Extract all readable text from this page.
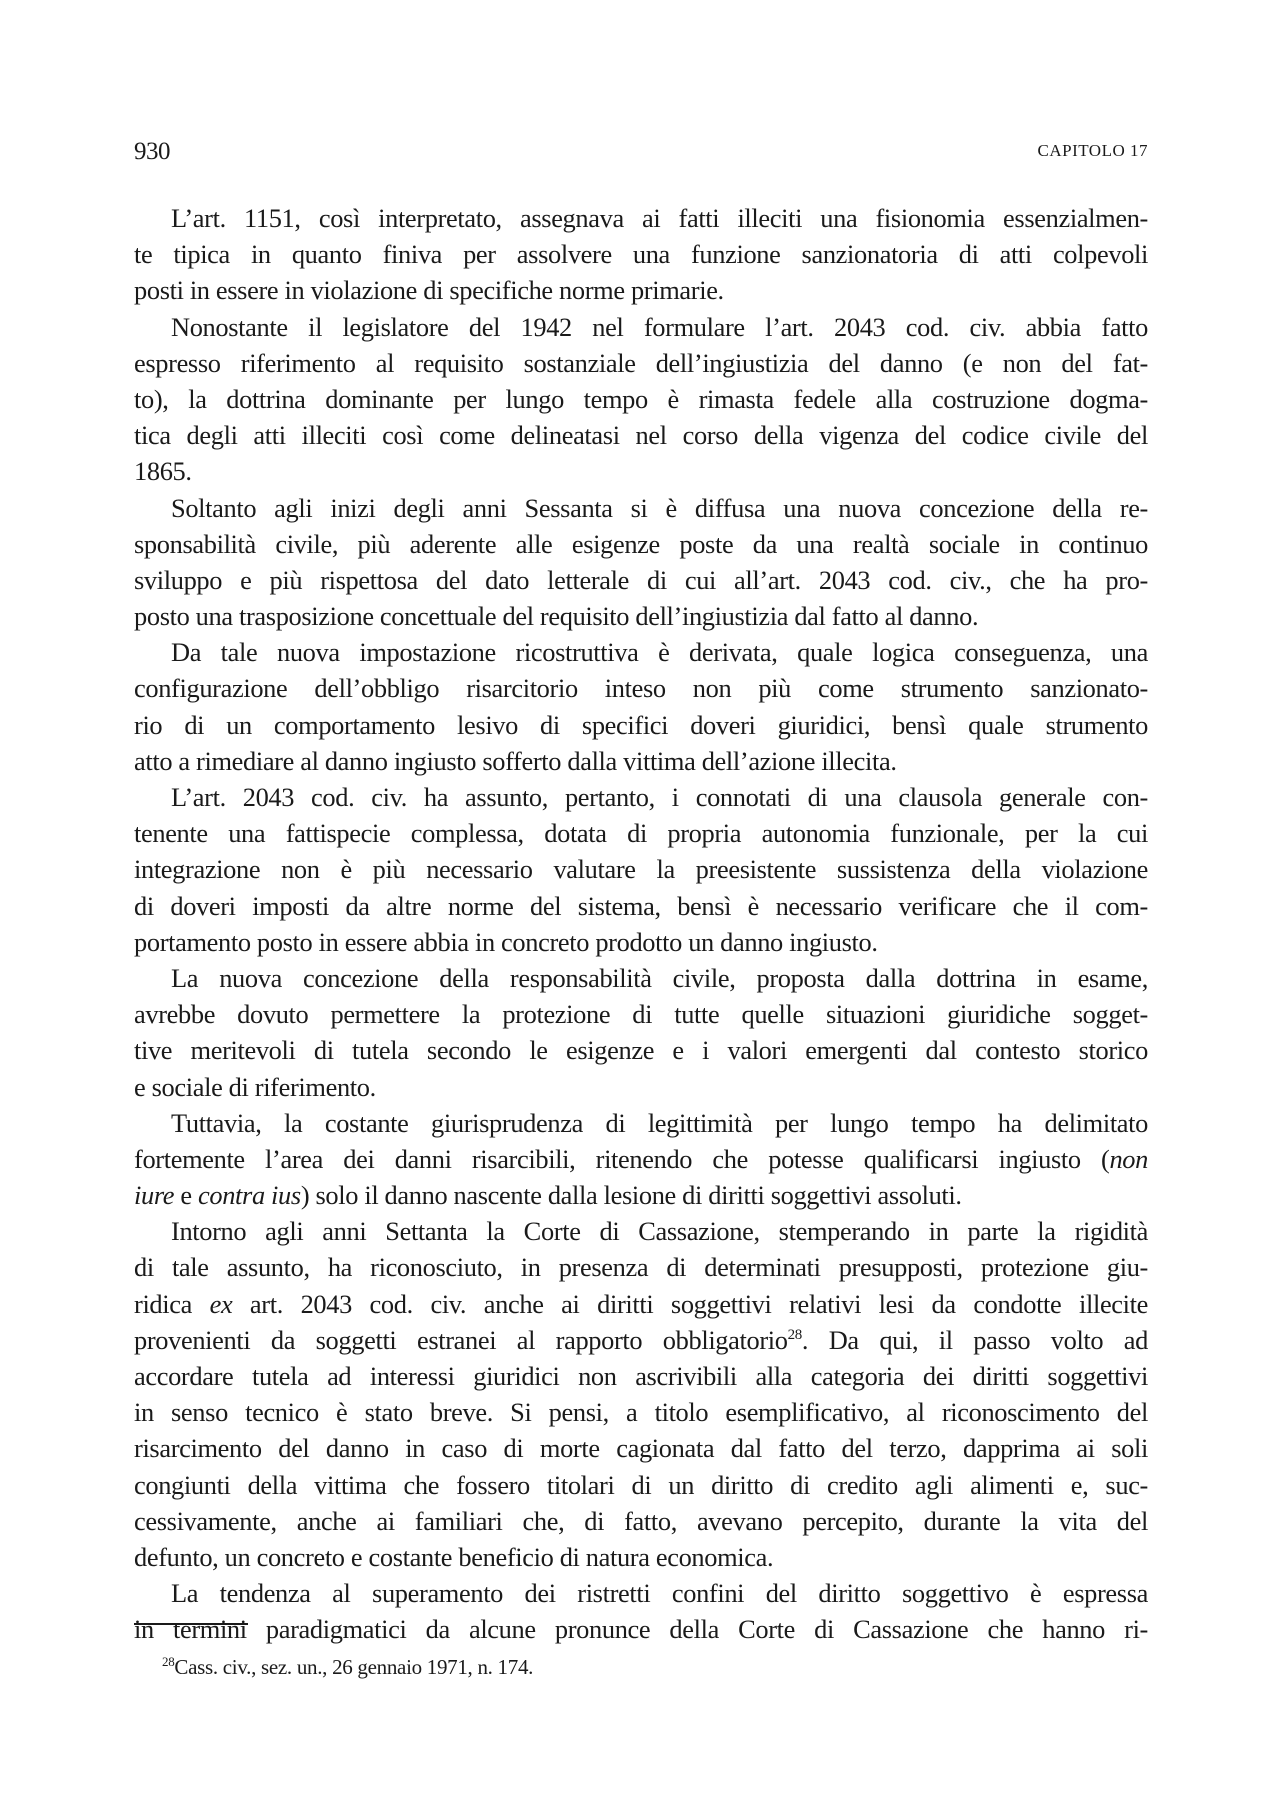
930	CAPITOLO 17
L’art. 1151, così interpretato, assegnava ai fatti illeciti una fisionomia essenzialmen-
te tipica in quanto finiva per assolvere una funzione sanzionatoria di atti colpevoli
posti in essere in violazione di specifiche norme primarie.
Nonostante il legislatore del 1942 nel formulare l’art. 2043 cod. civ. abbia fatto
espresso riferimento al requisito sostanziale dell’ingiustizia del danno (e non del fat-
to), la dottrina dominante per lungo tempo è rimasta fedele alla costruzione dogma-
tica degli atti illeciti così come delineatasi nel corso della vigenza del codice civile del
1865.
Soltanto agli inizi degli anni Sessanta si è diffusa una nuova concezione della re-
sponsabilità civile, più aderente alle esigenze poste da una realtà sociale in continuo
sviluppo e più rispettosa del dato letterale di cui all’art. 2043 cod. civ., che ha pro-
posto una trasposizione concettuale del requisito dell’ingiustizia dal fatto al danno.
Da tale nuova impostazione ricostruttiva è derivata, quale logica conseguenza, una
configurazione dell’obbligo risarcitorio inteso non più come strumento sanzionato-
rio di un comportamento lesivo di specifici doveri giuridici, bensì quale strumento
atto a rimediare al danno ingiusto sofferto dalla vittima dell’azione illecita.
L’art. 2043 cod. civ. ha assunto, pertanto, i connotati di una clausola generale con-
tenente una fattispecie complessa, dotata di propria autonomia funzionale, per la cui
integrazione non è più necessario valutare la preesistente sussistenza della violazione
di doveri imposti da altre norme del sistema, bensì è necessario verificare che il com-
portamento posto in essere abbia in concreto prodotto un danno ingiusto.
La nuova concezione della responsabilità civile, proposta dalla dottrina in esame,
avrebbe dovuto permettere la protezione di tutte quelle situazioni giuridiche sogget-
tive meritevoli di tutela secondo le esigenze e i valori emergenti dal contesto storico
e sociale di riferimento.
Tuttavia, la costante giurisprudenza di legittimità per lungo tempo ha delimitato
fortemente l’area dei danni risarcibili, ritenendo che potesse qualificarsi ingiusto (non
iure e contra ius) solo il danno nascente dalla lesione di diritti soggettivi assoluti.
Intorno agli anni Settanta la Corte di Cassazione, stemperando in parte la rigidità
di tale assunto, ha riconosciuto, in presenza di determinati presupposti, protezione giu-
ridica ex art. 2043 cod. civ. anche ai diritti soggettivi relativi lesi da condotte illecite
provenienti da soggetti estranei al rapporto obbligatorio$^{28}$. Da qui, il passo volto ad
accordare tutela ad interessi giuridici non ascrivibili alla categoria dei diritti soggettivi
in senso tecnico è stato breve. Si pensi, a titolo esemplificativo, al riconoscimento del
risarcimento del danno in caso di morte cagionata dal fatto del terzo, dapprima ai soli
congiunti della vittima che fossero titolari di un diritto di credito agli alimenti e, suc-
cessivamente, anche ai familiari che, di fatto, avevano percepito, durante la vita del
defunto, un concreto e costante beneficio di natura economica.
La tendenza al superamento dei ristretti confini del diritto soggettivo è espressa
in termini paradigmatici da alcune pronunce della Corte di Cassazione che hanno ri-
$^{28}$Cass. civ., sez. un., 26 gennaio 1971, n. 174.
